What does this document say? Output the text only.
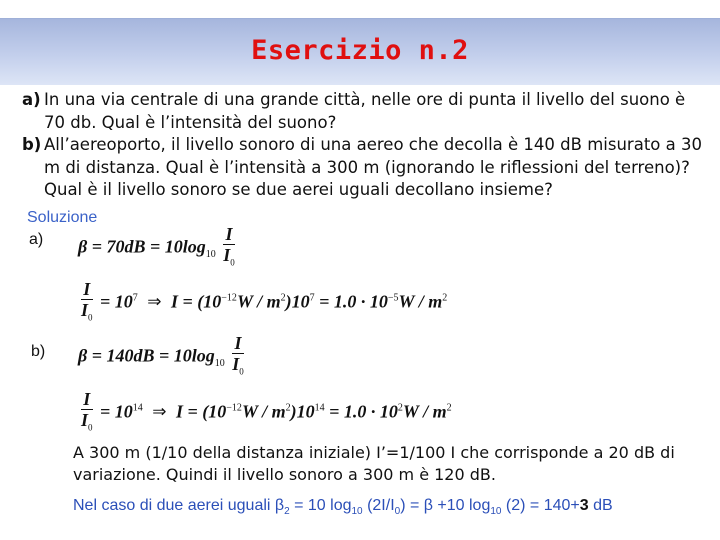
Esercizio n.2

a) In una via centrale di una grande città, nelle ore di punta il livello del suono è 70 db. Qual è l’intensità del suono?

b) All’aereoporto, il livello sonoro di una aereo che decolla è 140 dB misurato a 30 m di distanza. Qual è l’intensità a 300 m (ignorando le riflessioni del terreno)? Qual è il livello sonoro se due aerei uguali decollano insieme?

Soluzione
a) $\beta = 70dB = 10\log_{10} \frac{I}{I_0}$
$\frac{I}{I_0} = 10^7$ ⇒ $I = (10^{-12}W / m^2)10^7 = 1.0 \cdot 10^{-5}W / m^2$
b) $\beta = 140dB = 10\log_{10} \frac{I}{I_0}$
$\frac{I}{I_0} = 10^{14}$ ⇒ $I = (10^{-12}W / m^2)10^{14} = 1.0 \cdot 10^2W / m^2$
A 300 m (1/10 della distanza iniziale) I’=1/100 I che corrisponde a 20 dB di variazione. Quindi il livello sonoro a 300 m è 120 dB.
Nel caso di due aerei uguali $\beta_2 = 10$ $\log_{10} (2I/I_0) = \beta +10$ $\log_{10} (2) = 140+3$ dB
